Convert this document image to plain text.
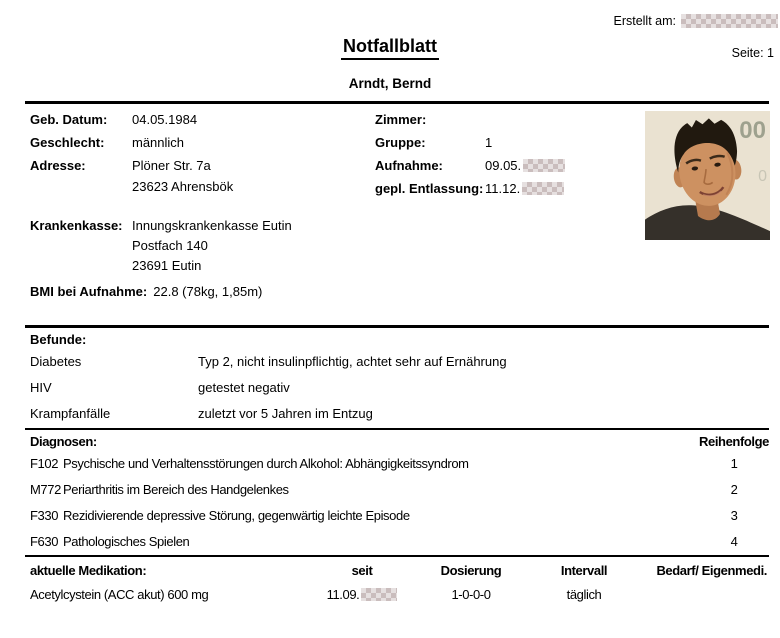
Erstellt am:
Seite: 1
Notfallblatt
Arndt, Bernd
Geb. Datum:	04.05.1984
Geschlecht:	männlich
Adresse:	Plöner Str. 7a
23623 Ahrensbök
Zimmer:
Gruppe:	1
Aufnahme:	09.05.
gepl. Entlassung: 11.12.
00
0
Krankenkasse: Innungskrankenkasse Eutin
Postfach 140
23691 Eutin
BMI bei Aufnahme: 22.8 (78kg, 1,85m)
Befunde:
Diabetes	Typ 2, nicht insulinpflichtig, achtet sehr auf Ernährung
HIV	getestet negativ
Krampfanfälle	zuletzt vor 5 Jahren im Entzug
Diagnosen:	Reihenfolge
F102 Psychische und Verhaltensstörungen durch Alkohol: Abhängigkeitssyndrom	1
M772 Periarthritis im Bereich des Handgelenkes	2
F330 Rezidivierende depressive Störung, gegenwärtig leichte Episode	3
F630 Pathologisches Spielen	4
aktuelle Medikation:	seit	Dosierung	Intervall	Bedarf/ Eigenmedi.
Acetylcystein (ACC akut) 600 mg	11.09.	1-0-0-0	täglich
